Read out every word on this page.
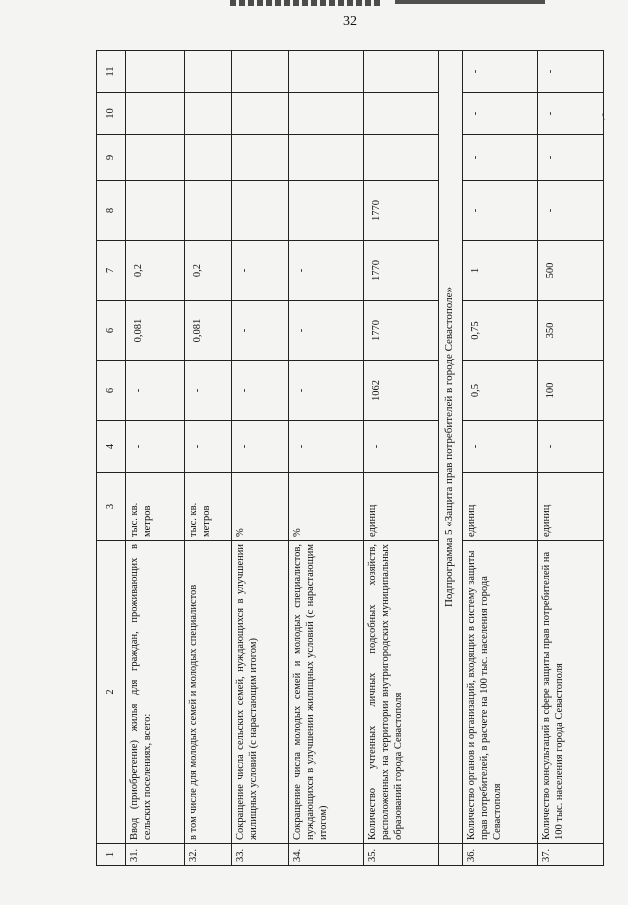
32
\
1	2	3	4	6	6	7	8	9	10	11
31.	Ввод (приобретение) жилья для граждан, проживающих в сельских поселениях, всего:	тыс. кв. метров	-	-	0,081	0,2				
32.	в том числе для молодых семей и молодых специалистов	тыс. кв. метров	-	-	0,081	0,2				
33.	Сокращение числа сельских семей, нуждающихся в улучшении жилищных условий (с нарастающим итогом)	%	-	-	-	-				
34.	Сокращение числа молодых семей и молодых специалистов, нуждающихся в улучшении жилищных условий (с нарастающим итогом)	%	-	-	-	-				
35.	Количество учтенных личных подсобных хозяйств, расположенных на территории внутригородских муниципальных образований города Севастополя	единиц	-	1062	1770	1770	1770			
	Подпрограмма 5 «Защита прав потребителей в городе Севастополе»									
36.	Количество органов и организаций, входящих в систему защиты прав потребителей, в расчете на 100 тыс. населения города Севастополя	единиц	-	0,5	0,75	1	-	-	-	-
37.	Количество консультаций в сфере защиты прав потребителей на 100 тыс. населения города Севастополя	единиц	-	100	350	500	-	-	-	-
